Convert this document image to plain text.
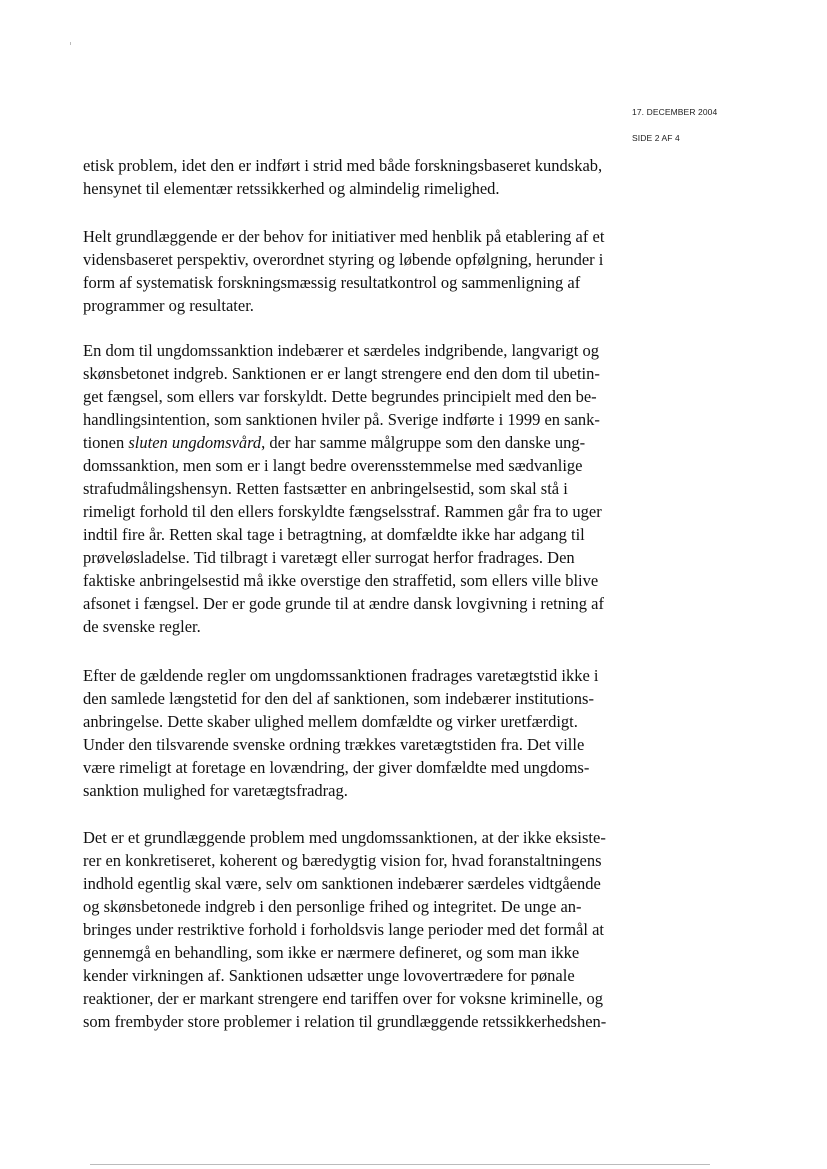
17. DECEMBER 2004
SIDE 2 AF 4
etisk problem, idet den er indført i strid med både forskningsbaseret kundskab,
hensynet til elementær retssikkerhed og almindelig rimelighed.
Helt grundlæggende er der behov for initiativer med henblik på etablering af et
vidensbaseret perspektiv, overordnet styring og løbende opfølgning, herunder i
form af systematisk forskningsmæssig resultatkontrol og sammenligning af
programmer og resultater.
En dom til ungdomssanktion indebærer et særdeles indgribende, langvarigt og
skønsbetonet indgreb. Sanktionen er er langt strengere end den dom til ubetin-
get fængsel, som ellers var forskyldt. Dette begrundes principielt med den be-
handlingsintention, som sanktionen hviler på. Sverige indførte i 1999 en sank-
tionen sluten ungdomsvård, der har samme målgruppe som den danske ung-
domssanktion, men som er i langt bedre overensstemmelse med sædvanlige
strafudmålingshensyn. Retten fastsætter en anbringelsestid, som skal stå i
rimeligt forhold til den ellers forskyldte fængselsstraf. Rammen går fra to uger
indtil fire år. Retten skal tage i betragtning, at domfældte ikke har adgang til
prøveløsladelse. Tid tilbragt i varetægt eller surrogat herfor fradrages. Den
faktiske anbringelsestid må ikke overstige den straffetid, som ellers ville blive
afsonet i fængsel. Der er gode grunde til at ændre dansk lovgivning i retning af
de svenske regler.
Efter de gældende regler om ungdomssanktionen fradrages varetægtstid ikke i
den samlede længstetid for den del af sanktionen, som indebærer institutions-
anbringelse. Dette skaber ulighed mellem domfældte og virker uretfærdigt.
Under den tilsvarende svenske ordning trækkes varetægtstiden fra. Det ville
være rimeligt at foretage en lovændring, der giver domfældte med ungdoms-
sanktion mulighed for varetægtsfradrag.
Det er et grundlæggende problem med ungdomssanktionen, at der ikke eksiste-
rer en konkretiseret, koherent og bæredygtig vision for, hvad foranstaltningens
indhold egentlig skal være, selv om sanktionen indebærer særdeles vidtgående
og skønsbetonede indgreb i den personlige frihed og integritet. De unge an-
bringes under restriktive forhold i forholdsvis lange perioder med det formål at
gennemgå en behandling, som ikke er nærmere defineret, og som man ikke
kender virkningen af. Sanktionen udsætter unge lovovertrædere for pønale
reaktioner, der er markant strengere end tariffen over for voksne kriminelle, og
som frembyder store problemer i relation til grundlæggende retssikkerhedshen-
